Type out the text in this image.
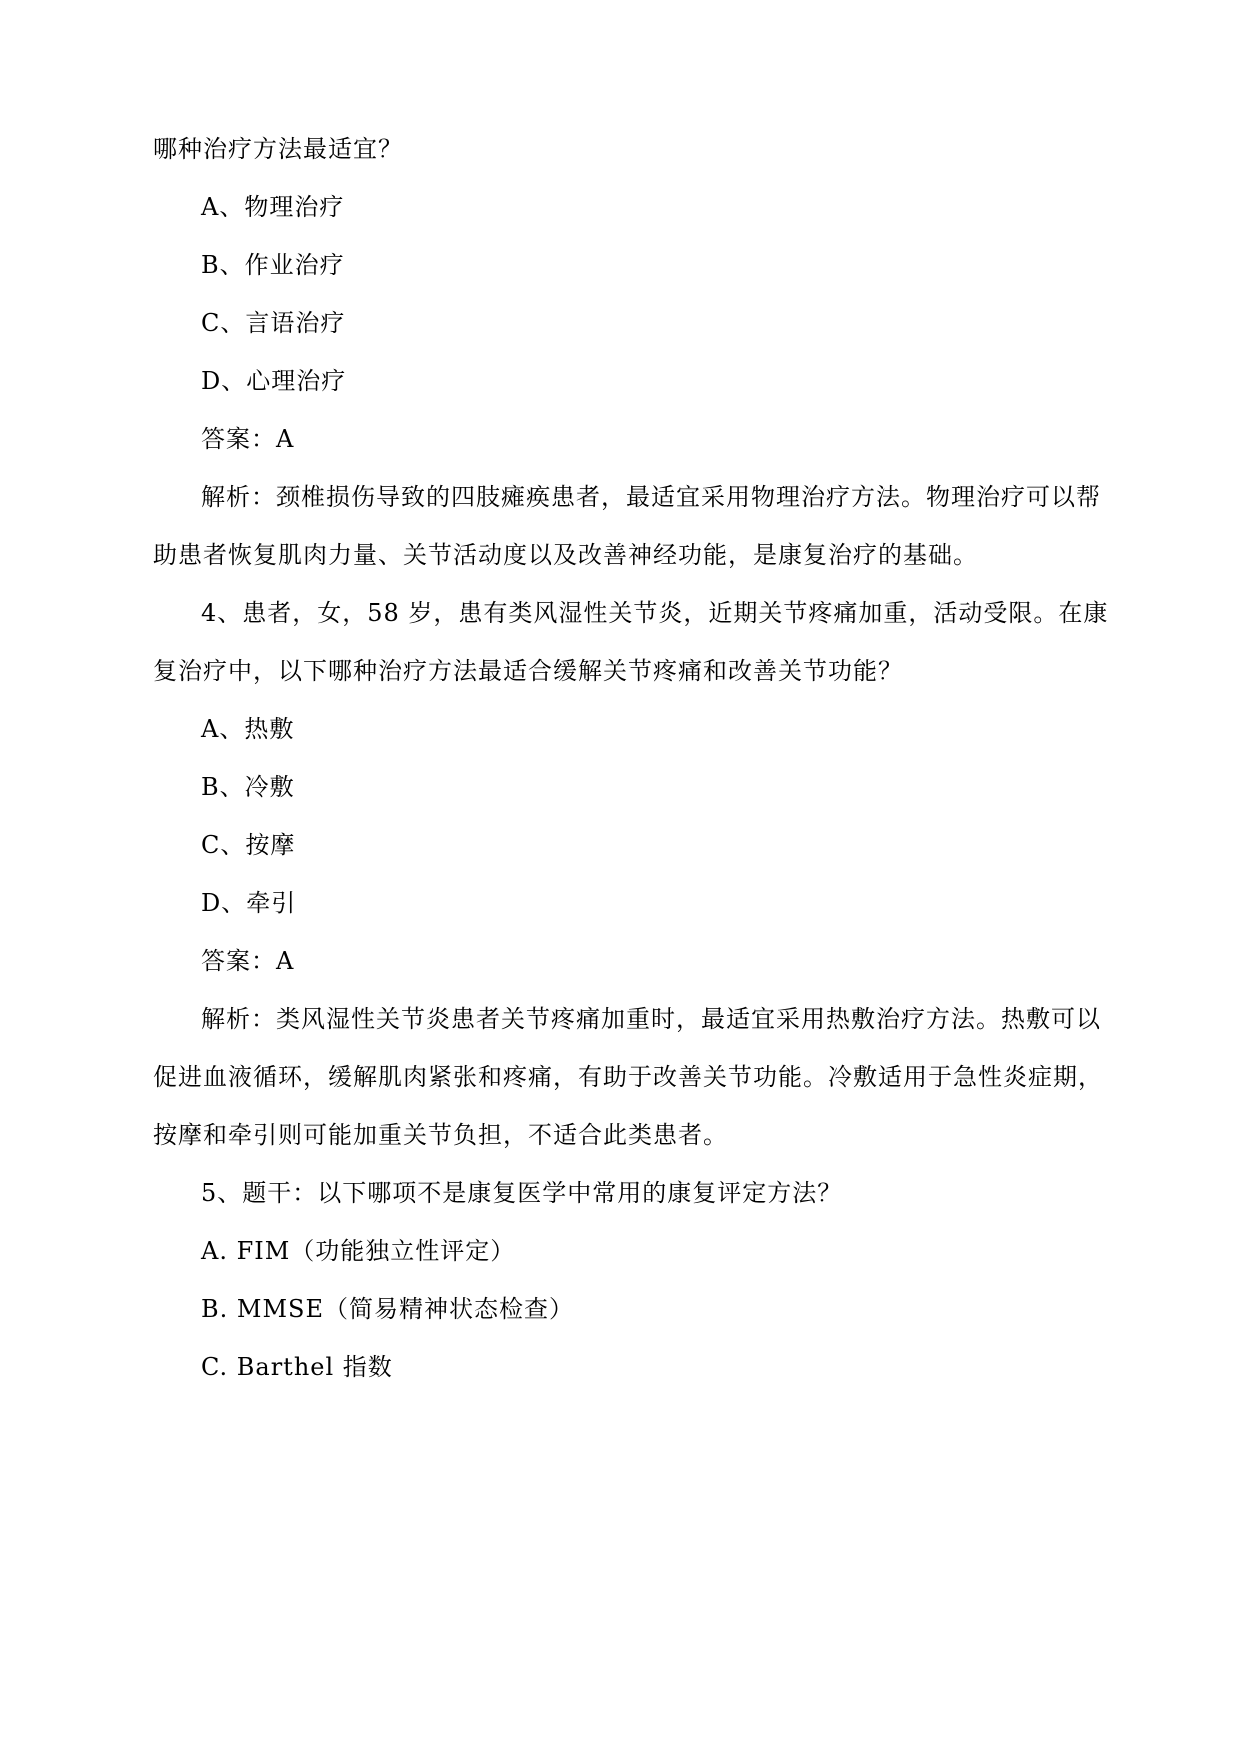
哪种治疗方法最适宜？
A、物理治疗
B、作业治疗
C、言语治疗
D、心理治疗
答案：A
解析：颈椎损伤导致的四肢瘫痪患者，最适宜采用物理治疗方法。物理治疗可以帮
助患者恢复肌肉力量、关节活动度以及改善神经功能，是康复治疗的基础。
4、患者，女，58 岁，患有类风湿性关节炎，近期关节疼痛加重，活动受限。在康
复治疗中，以下哪种治疗方法最适合缓解关节疼痛和改善关节功能？
A、热敷
B、冷敷
C、按摩
D、牵引
答案：A
解析：类风湿性关节炎患者关节疼痛加重时，最适宜采用热敷治疗方法。热敷可以
促进血液循环，缓解肌肉紧张和疼痛，有助于改善关节功能。冷敷适用于急性炎症期，
按摩和牵引则可能加重关节负担，不适合此类患者。
5、题干：以下哪项不是康复医学中常用的康复评定方法？
A. FIM（功能独立性评定）
B. MMSE（简易精神状态检查）
C. Barthel 指数
